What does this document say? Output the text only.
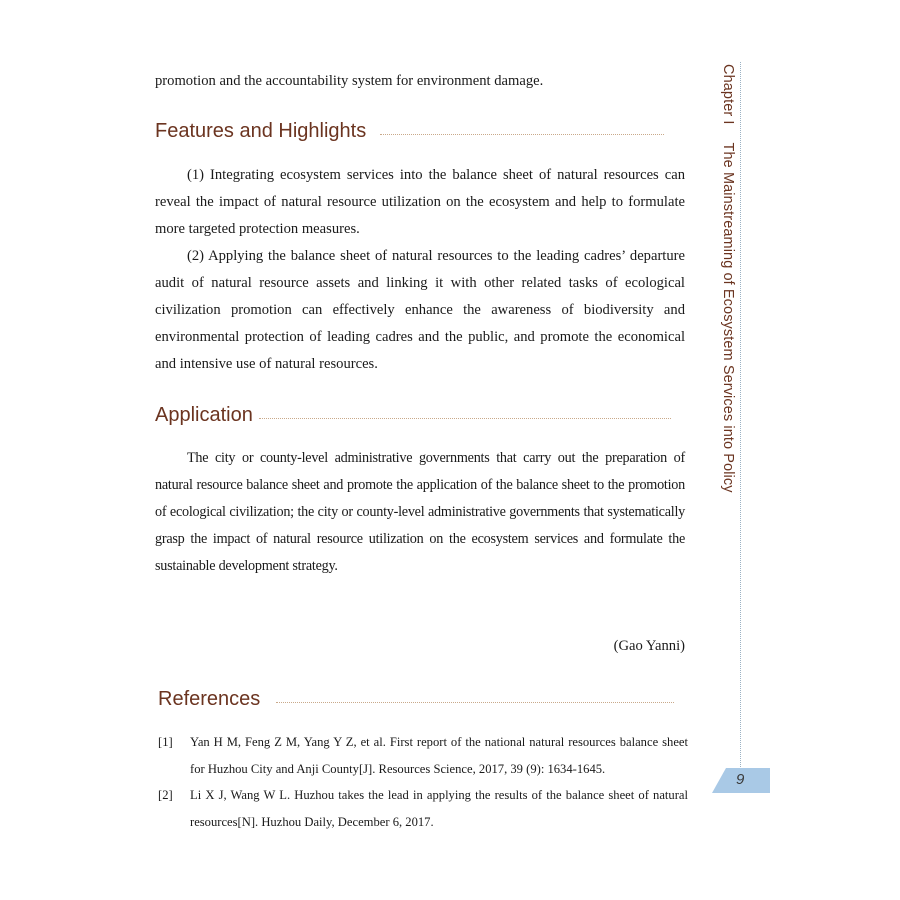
promotion and the accountability system for environment damage.

Features and Highlights

(1) Integrating ecosystem services into the balance sheet of natural resources can reveal the impact of natural resource utilization on the ecosystem and help to formulate more targeted protection measures.

(2) Applying the balance sheet of natural resources to the leading cadres’ departure audit of natural resource assets and linking it with other related tasks of ecological civilization promotion can effectively enhance the awareness of biodiversity and environmental protection of leading cadres and the public, and promote the economical and intensive use of natural resources.

Application

The city or county-level administrative governments that carry out the preparation of natural resource balance sheet and promote the application of the balance sheet to the promotion of ecological civilization; the city or county-level administrative governments that systematically grasp the impact of natural resource utilization on the ecosystem services and formulate the sustainable development strategy.

(Gao Yanni)

References
[1]	Yan H M, Feng Z M, Yang Y Z, et al. First report of the national natural resources balance sheet for Huzhou City and Anji County[J]. Resources Science, 2017, 39 (9): 1634-1645.
[2]	Li X J, Wang W L. Huzhou takes the lead in applying the results of the balance sheet of natural resources[N]. Huzhou Daily, December 6, 2017.
Chapter IThe Mainstreaming of Ecosystem Services into Policy
9
